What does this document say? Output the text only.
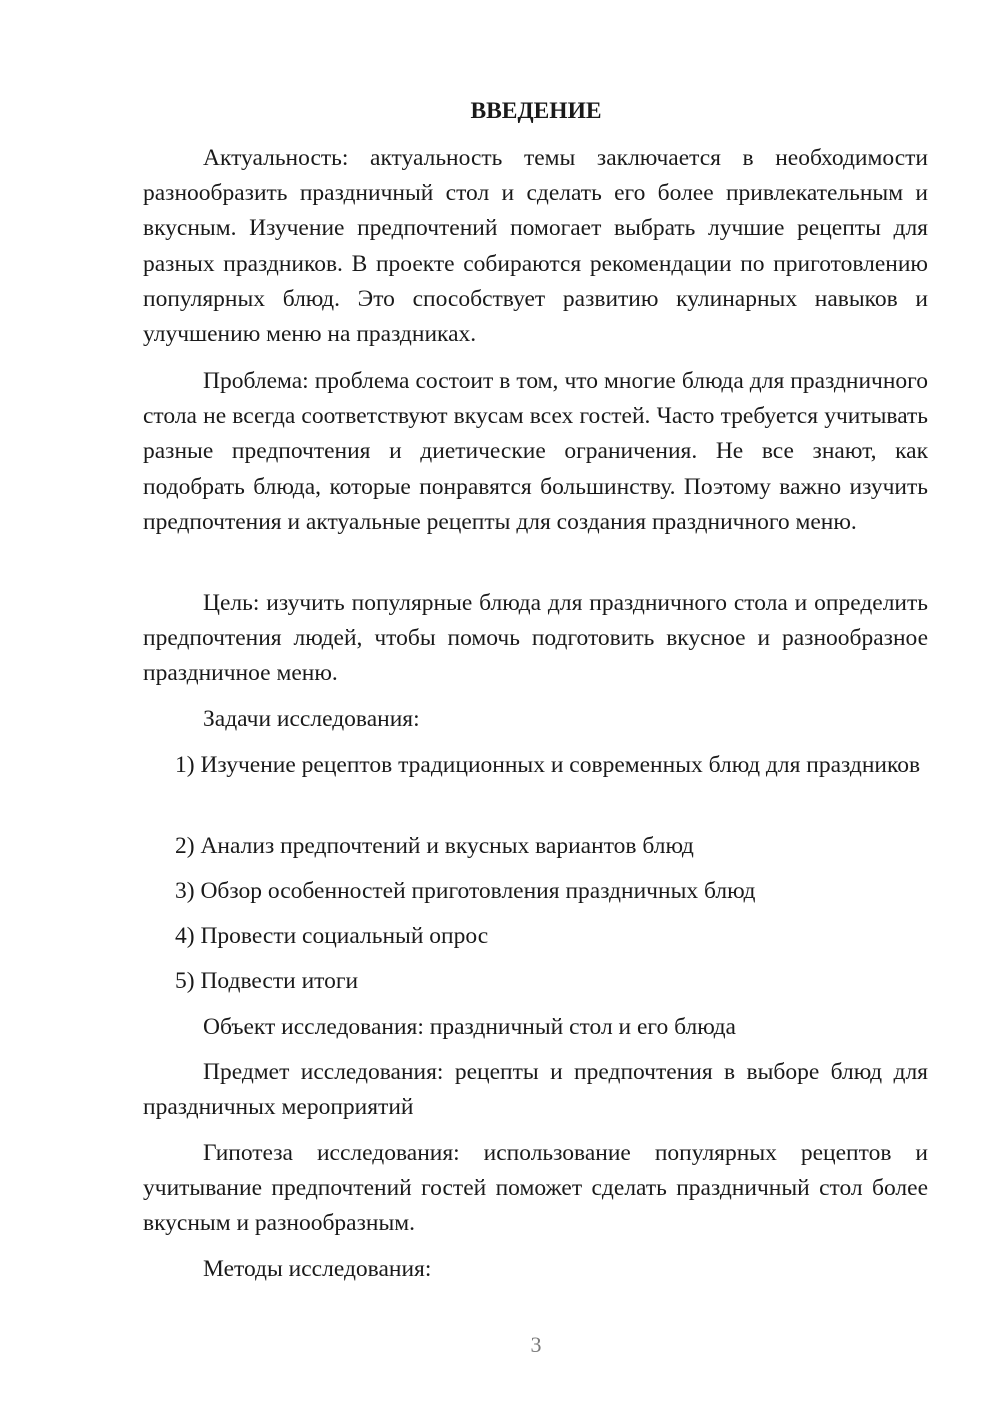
ВВЕДЕНИЕ

Актуальность: актуальность темы заключается в необходимости разнообразить праздничный стол и сделать его более привлекательным и вкусным. Изучение предпочтений помогает выбрать лучшие рецепты для разных праздников. В проекте собираются рекомендации по приготовлению популярных блюд. Это способствует развитию кулинарных навыков и улучшению меню на праздниках.

Проблема: проблема состоит в том, что многие блюда для праздничного стола не всегда соответствуют вкусам всех гостей. Часто требуется учитывать разные предпочтения и диетические ограничения. Не все знают, как подобрать блюда, которые понравятся большинству. Поэтому важно изучить предпочтения и актуальные рецепты для создания праздничного меню.

Цель: изучить популярные блюда для праздничного стола и определить предпочтения людей, чтобы помочь подготовить вкусное и разнообразное праздничное меню.

Задачи исследования:

1) Изучение рецептов традиционных и современных блюд для праздников

2) Анализ предпочтений и вкусных вариантов блюд

3) Обзор особенностей приготовления праздничных блюд

4) Провести социальный опрос

5) Подвести итоги

Объект исследования: праздничный стол и его блюда

Предмет исследования: рецепты и предпочтения в выборе блюд для праздничных мероприятий

Гипотеза исследования: использование популярных рецептов и учитывание предпочтений гостей поможет сделать праздничный стол более вкусным и разнообразным.

Методы исследования:

3
